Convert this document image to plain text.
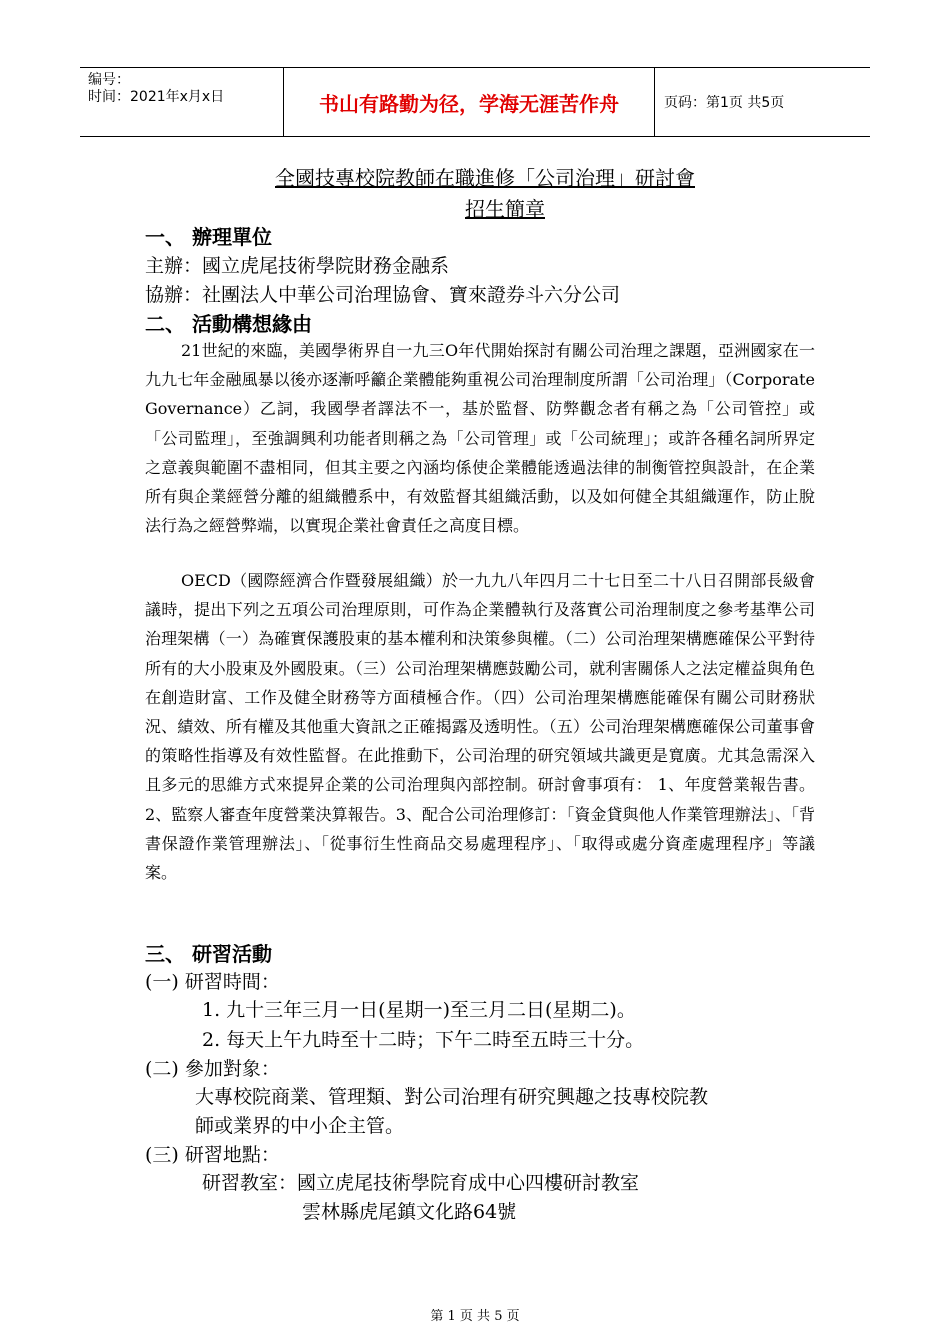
编号：
时间：2021年x月x日	书山有路勤为径，学海无涯苦作舟	页码：第1页 共5页
全國技專校院教師在職進修「公司治理」研討會
招生簡章
一、 辦理單位
主辦：國立虎尾技術學院財務金融系
協辦：社團法人中華公司治理協會、寶來證券斗六分公司
二、 活動構想緣由
21世紀的來臨，美國學術界自一九三O年代開始探討有關公司治理之課題，亞洲國家在一九九七年金融風暴以後亦逐漸呼籲企業體能夠重視公司治理制度所謂「公司治理」（Corporate Governance）乙詞，我國學者譯法不一，基於監督、防弊觀念者有稱之為「公司管控」或「公司監理」，至強調興利功能者則稱之為「公司管理」或「公司統理」；或許各種名詞所界定之意義與範圍不盡相同，但其主要之內涵均係使企業體能透過法律的制衡管控與設計，在企業所有與企業經營分離的組織體系中，有效監督其組織活動，以及如何健全其組織運作，防止脫法行為之經營弊端，以實現企業社會責任之高度目標。
OECD（國際經濟合作暨發展組織）於一九九八年四月二十七日至二十八日召開部長級會議時，提出下列之五項公司治理原則，可作為企業體執行及落實公司治理制度之參考基準公司治理架構（一）為確實保護股東的基本權利和決策參與權。（二）公司治理架構應確保公平對待所有的大小股東及外國股東。（三）公司治理架構應鼓勵公司，就利害關係人之法定權益與角色在創造財富、工作及健全財務等方面積極合作。（四）公司治理架構應能確保有關公司財務狀況、績效、所有權及其他重大資訊之正確揭露及透明性。（五）公司治理架構應確保公司董事會的策略性指導及有效性監督。在此推動下，公司治理的研究領域共識更是寬廣。尤其急需深入且多元的思維方式來提昇企業的公司治理與內部控制。研討會事項有： 1、年度營業報告書。 2、監察人審查年度營業決算報告。3、配合公司治理修訂：「資金貸與他人作業管理辦法」、「背書保證作業管理辦法」、「從事衍生性商品交易處理程序」、「取得或處分資產處理程序」等議案。
三、 研習活動
(一) 研習時間：
1. 九十三年三月一日(星期一)至三月二日(星期二)。
2. 每天上午九時至十二時；下午二時至五時三十分。
(二) 參加對象：
大專校院商業、管理類、對公司治理有研究興趣之技專校院教
師或業界的中小企主管。
(三) 研習地點：
研習教室：國立虎尾技術學院育成中心四樓研討教室
雲林縣虎尾鎮文化路64號
第 1 页 共 5 页
